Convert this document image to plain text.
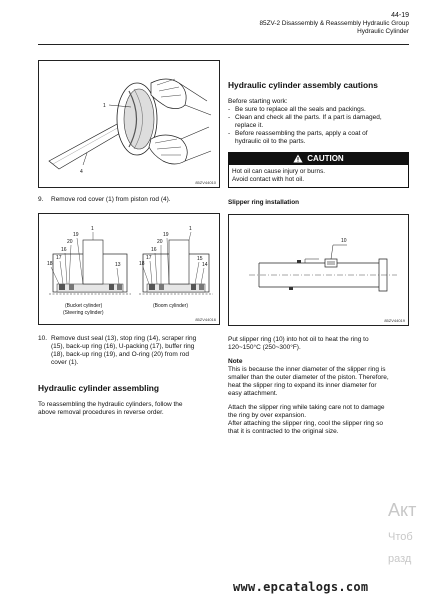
44-19
85ZV-2 Disassembly & Reassembly Hydraulic Group
Hydraulic Cylinder
1
4
85ZV44010
9.	Remove rod cover (1) from piston rod (4).
19
20
1
16
17
18	13
19
20
1
16
17
18
15
14
(Bucket cylinder)
(Steering cylinder)
(Boom cylinder)
85ZV44016
10. Remove dust seal (13), stop ring (14), scraper ring
(15), back-up ring (16), U-packing (17), buffer ring
(18), back-up ring (19), and O-ring (20) from rod
cover (1).
Hydraulic cylinder assembling

To reassembling the hydraulic cylinders, follow the

above removal procedures in reverse order.

Hydraulic cylinder assembly cautions

Before starting work:

- Be sure to replace all the seals and packings.
- Clean and check all the parts. If a part is damaged,
replace it.
- Before reassembling the parts, apply a coat of
hydraulic oil to the parts.
CAUTION

Hot oil can cause injury or burns.

Avoid contact with hot oil.

Slipper ring installation
10
85ZV44019

Put slipper ring (10) into hot oil to heat the ring to

120~150°C (250~300°F).

Note

This is because the inner diameter of the slipper ring is

smaller than the outer diameter of the piston. Therefore,

heat the slipper ring to expand its inner diameter for

easy attachment.

Attach the slipper ring while taking care not to damage

the ring by over expansion.

After attaching the slipper ring, cool the slipper ring so

that it is contracted to the original size.

Акт
Чтоб
разд
www.epcatalogs.com
